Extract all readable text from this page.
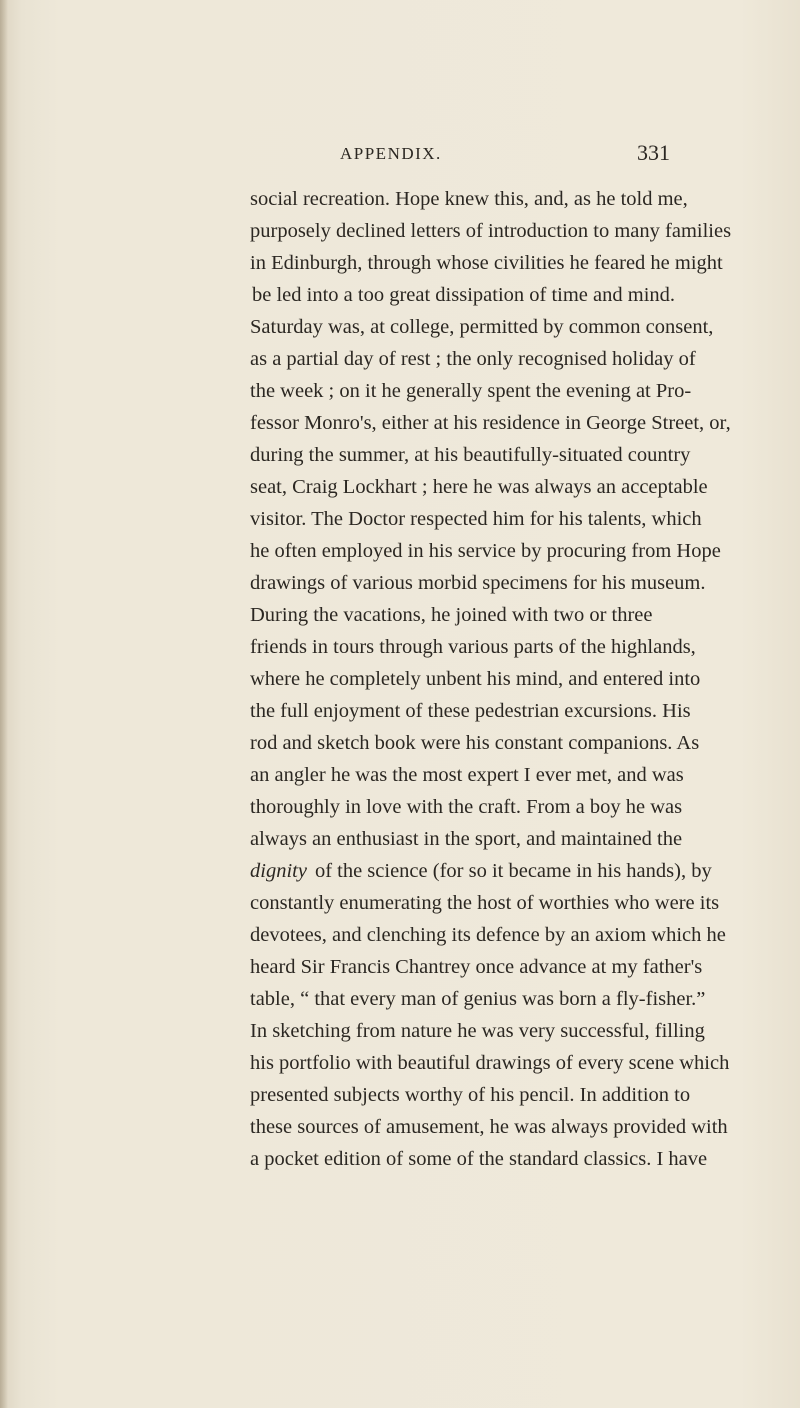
APPENDIX.	331
social recreation. Hope knew this, and, as he told me,
purposely declined letters of introduction to many families
in Edinburgh, through whose civilities he feared he might
be led into a too great dissipation of time and mind.
Saturday was, at college, permitted by common consent,
as a partial day of rest ; the only recognised holiday of
the week ; on it he generally spent the evening at Pro-
fessor Monro's, either at his residence in George Street, or,
during the summer, at his beautifully-situated country
seat, Craig Lockhart ; here he was always an acceptable
visitor. The Doctor respected him for his talents, which
he often employed in his service by procuring from Hope
drawings of various morbid specimens for his museum.
During the vacations, he joined with two or three
friends in tours through various parts of the highlands,
where he completely unbent his mind, and entered into
the full enjoyment of these pedestrian excursions. His
rod and sketch book were his constant companions. As
an angler he was the most expert I ever met, and was
thoroughly in love with the craft. From a boy he was
always an enthusiast in the sport, and maintained the
dignity of the science (for so it became in his hands), by
constantly enumerating the host of worthies who were its
devotees, and clenching its defence by an axiom which he
heard Sir Francis Chantrey once advance at my father's
table, “ that every man of genius was born a fly-fisher.”
In sketching from nature he was very successful, filling
his portfolio with beautiful drawings of every scene which
presented subjects worthy of his pencil. In addition to
these sources of amusement, he was always provided with
a pocket edition of some of the standard classics. I have
